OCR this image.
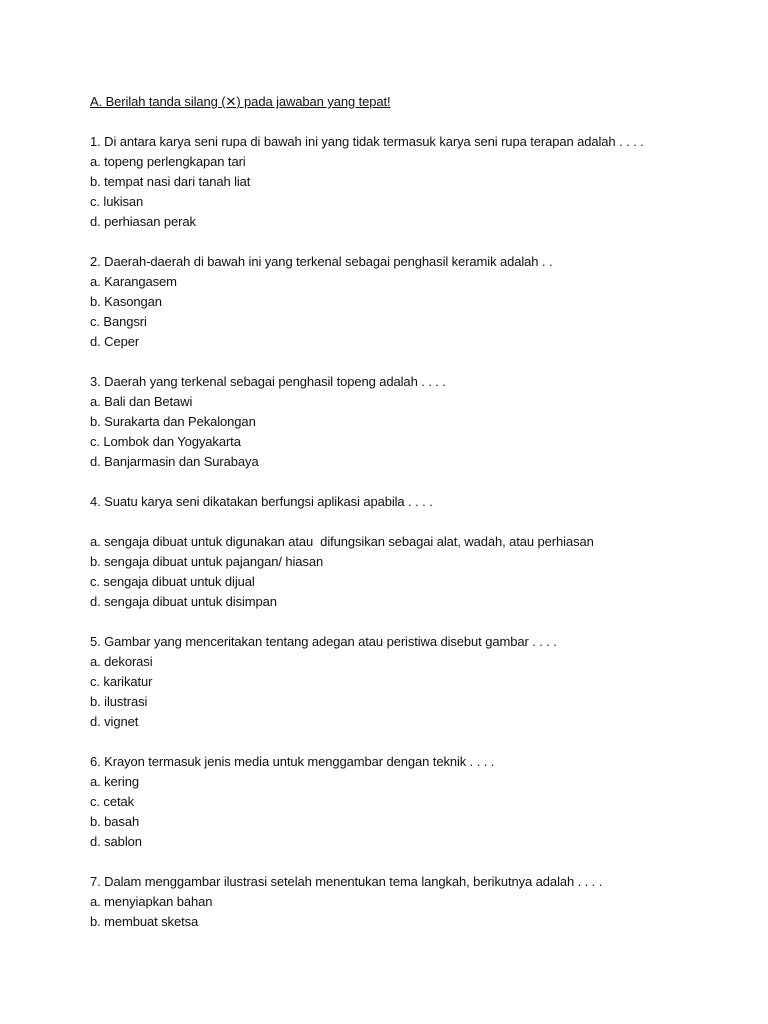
A. Berilah tanda silang (✕) pada jawaban yang tepat!

1. Di antara karya seni rupa di bawah ini yang tidak termasuk karya seni rupa terapan adalah . . . .

a. topeng perlengkapan tari

b. tempat nasi dari tanah liat

c. lukisan

d. perhiasan perak

2. Daerah-daerah di bawah ini yang terkenal sebagai penghasil keramik adalah . .

a. Karangasem

b. Kasongan

c. Bangsri

d. Ceper

3. Daerah yang terkenal sebagai penghasil topeng adalah . . . .

a. Bali dan Betawi

b. Surakarta dan Pekalongan

c. Lombok dan Yogyakarta

d. Banjarmasin dan Surabaya

4. Suatu karya seni dikatakan berfungsi aplikasi apabila . . . .

a. sengaja dibuat untuk digunakan atau  difungsikan sebagai alat, wadah, atau perhiasan

b. sengaja dibuat untuk pajangan/ hiasan

c. sengaja dibuat untuk dijual

d. sengaja dibuat untuk disimpan

5. Gambar yang menceritakan tentang adegan atau peristiwa disebut gambar . . . .

a. dekorasi

c. karikatur

b. ilustrasi

d. vignet

6. Krayon termasuk jenis media untuk menggambar dengan teknik . . . .

a. kering

c. cetak

b. basah

d. sablon

7. Dalam menggambar ilustrasi setelah menentukan tema langkah, berikutnya adalah . . . .

a. menyiapkan bahan

b. membuat sketsa
